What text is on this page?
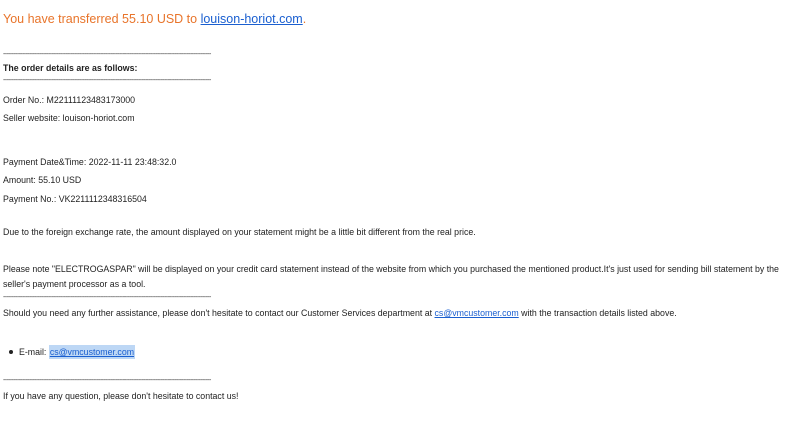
You have transferred 55.10 USD to louison-horiot.com.
------------------------------------------------------------------------------------------------------------------------
The order details are as follows:
------------------------------------------------------------------------------------------------------------------------
Order No.: M22111123483173000
Seller website: louison-horiot.com
Payment Date&Time: 2022-11-11 23:48:32.0
Amount: 55.10 USD
Payment No.: VK2211112348316504
Due to the foreign exchange rate, the amount displayed on your statement might be a little bit different from the real price.
Please note "ELECTROGASPAR" will be displayed on your credit card statement instead of the website from which you purchased the mentioned product.It's just used for sending bill statement by the seller's payment processor as a tool.
------------------------------------------------------------------------------------------------------------------------
Should you need any further assistance, please don't hesitate to contact our Customer Services department at cs@vmcustomer.com with the transaction details listed above.
E-mail: cs@vmcustomer.com
------------------------------------------------------------------------------------------------------------------------
If you have any question, please don't hesitate to contact us!
